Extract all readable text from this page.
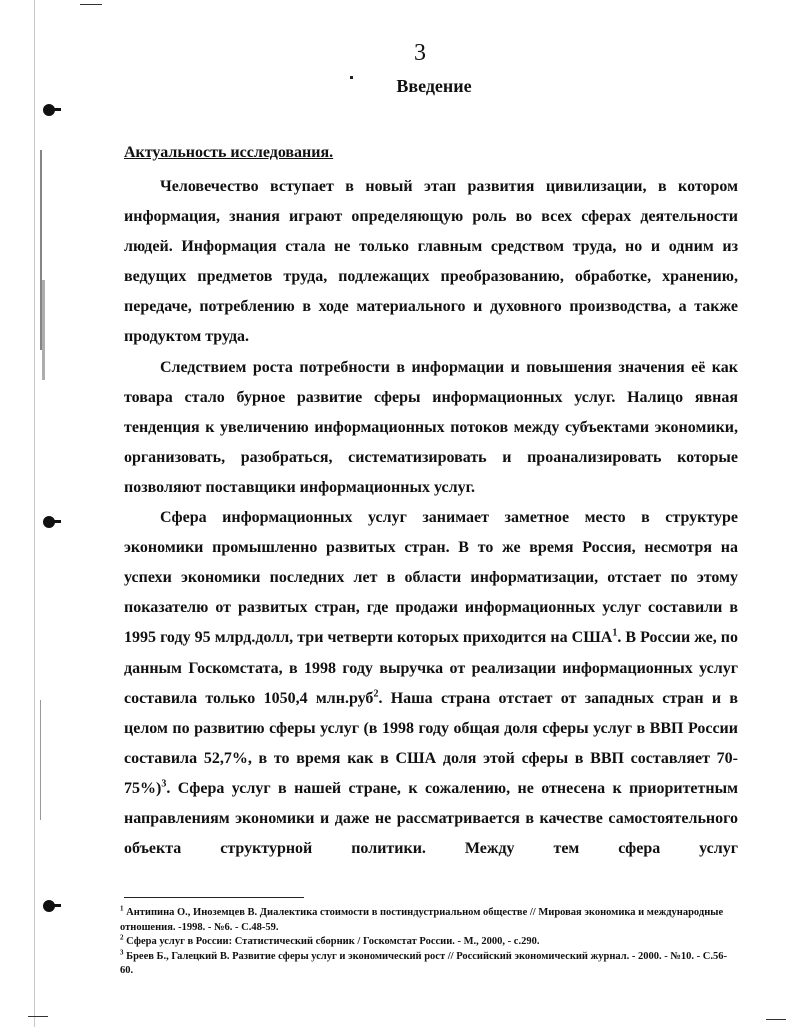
3
Введение
Актуальность исследования.

Человечество вступает в новый этап развития цивилизации, в котором информация, знания играют определяющую роль во всех сферах деятельности людей. Информация стала не только главным средством труда, но и одним из ведущих предметов труда, подлежащих преобразованию, обработке, хранению, передаче, потреблению в ходе материального и духовного производства, а также продуктом труда.

Следствием роста потребности в информации и повышения значения её как товара стало бурное развитие сферы информационных услуг. Налицо явная тенденция к увеличению информационных потоков между субъектами экономики, организовать, разобраться, систематизировать и проанализировать которые позволяют поставщики информационных услуг.

Сфера информационных услуг занимает заметное место в структуре экономики промышленно развитых стран. В то же время Россия, несмотря на успехи экономики последних лет в области информатизации, отстает по этому показателю от развитых стран, где продажи информационных услуг составили в 1995 году 95 млрд.долл, три четверти которых приходится на США$^1$. В России же, по данным Госкомстата, в 1998 году выручка от реализации информационных услуг составила только 1050,4 млн.руб$^2$. Наша страна отстает от западных стран и в целом по развитию сферы услуг (в 1998 году общая доля сферы услуг в ВВП России составила 52,7%, в то время как в США доля этой сферы в ВВП составляет 70-75%)$^3$. Сфера услуг в нашей стране, к сожалению, не отнесена к приоритетным направлениям экономики и даже не рассматривается в качестве самостоятельного объекта структурной политики. Между тем сфера услуг

$^1$ Антипина О., Иноземцев В. Диалектика стоимости в постиндустриальном обществе // Мировая экономика и международные отношения. -1998. - №6. - С.48-59.

$^2$ Сфера услуг в России: Статистический сборник / Госкомстат России. - М., 2000, - с.290.

$^3$ Бреев Б., Галецкий В. Развитие сферы услуг и экономический рост // Российский экономический журнал. - 2000. - №10. - С.56-60.
